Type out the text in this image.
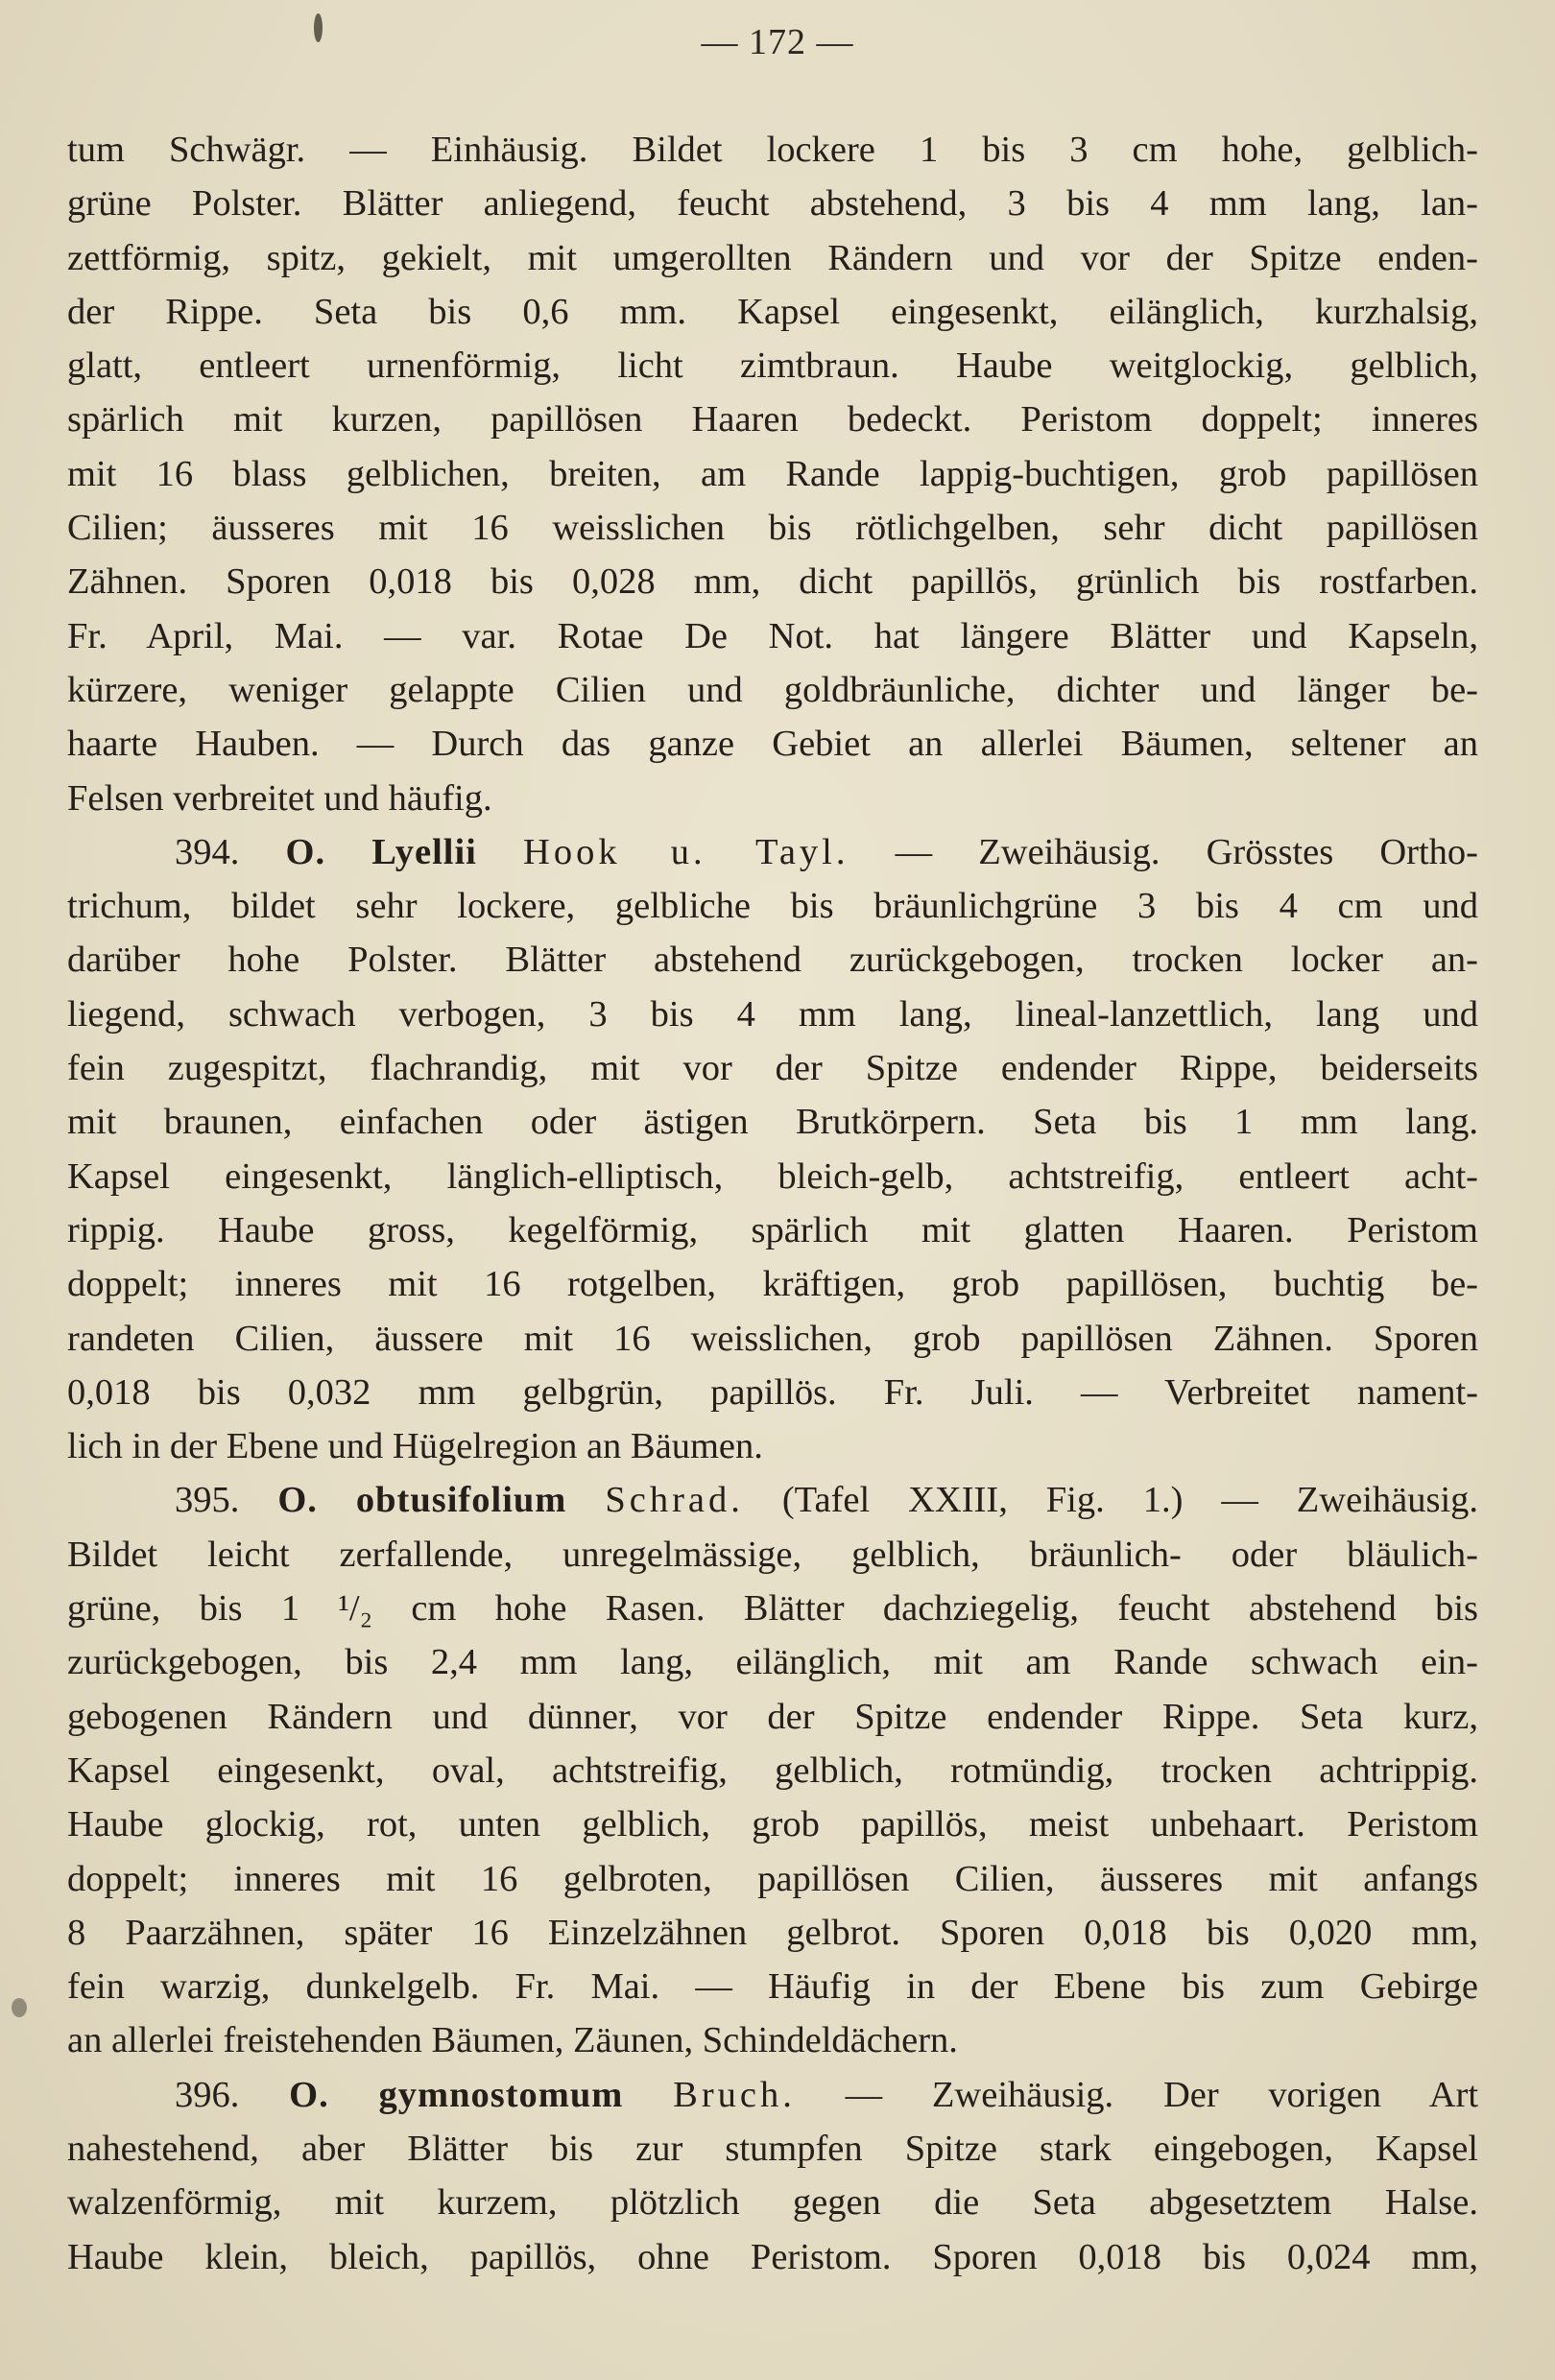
— 172 —
tum Schwägr. — Einhäusig. Bildet lockere 1 bis 3 cm hohe, gelblich-
grüne Polster. Blätter anliegend, feucht abstehend, 3 bis 4 mm lang, lan-
zettförmig, spitz, gekielt, mit umgerollten Rändern und vor der Spitze enden-
der Rippe. Seta bis 0,6 mm. Kapsel eingesenkt, eilänglich, kurzhalsig,
glatt, entleert urnenförmig, licht zimtbraun. Haube weitglockig, gelblich,
spärlich mit kurzen, papillösen Haaren bedeckt. Peristom doppelt; inneres
mit 16 blass gelblichen, breiten, am Rande lappig-buchtigen, grob papillösen
Cilien; äusseres mit 16 weisslichen bis rötlichgelben, sehr dicht papillösen
Zähnen. Sporen 0,018 bis 0,028 mm, dicht papillös, grünlich bis rostfarben.
Fr. April, Mai. — var. Rotae De Not. hat längere Blätter und Kapseln,
kürzere, weniger gelappte Cilien und goldbräunliche, dichter und länger be-
haarte Hauben. — Durch das ganze Gebiet an allerlei Bäumen, seltener an
Felsen verbreitet und häufig.
394. O. Lyellii Hook u. Tayl. — Zweihäusig. Grösstes Ortho-
trichum, bildet sehr lockere, gelbliche bis bräunlichgrüne 3 bis 4 cm und
darüber hohe Polster. Blätter abstehend zurückgebogen, trocken locker an-
liegend, schwach verbogen, 3 bis 4 mm lang, lineal-lanzettlich, lang und
fein zugespitzt, flachrandig, mit vor der Spitze endender Rippe, beiderseits
mit braunen, einfachen oder ästigen Brutkörpern. Seta bis 1 mm lang.
Kapsel eingesenkt, länglich-elliptisch, bleich-gelb, achtstreifig, entleert acht-
rippig. Haube gross, kegelförmig, spärlich mit glatten Haaren. Peristom
doppelt; inneres mit 16 rotgelben, kräftigen, grob papillösen, buchtig be-
randeten Cilien, äussere mit 16 weisslichen, grob papillösen Zähnen. Sporen
0,018 bis 0,032 mm gelbgrün, papillös. Fr. Juli. — Verbreitet nament-
lich in der Ebene und Hügelregion an Bäumen.
395. O. obtusifolium Schrad. (Tafel XXIII, Fig. 1.) — Zweihäusig.
Bildet leicht zerfallende, unregelmässige, gelblich, bräunlich- oder bläulich-
grüne, bis 1 ¹/₂ cm hohe Rasen. Blätter dachziegelig, feucht abstehend bis
zurückgebogen, bis 2,4 mm lang, eilänglich, mit am Rande schwach ein-
gebogenen Rändern und dünner, vor der Spitze endender Rippe. Seta kurz,
Kapsel eingesenkt, oval, achtstreifig, gelblich, rotmündig, trocken achtrippig.
Haube glockig, rot, unten gelblich, grob papillös, meist unbehaart. Peristom
doppelt; inneres mit 16 gelbroten, papillösen Cilien, äusseres mit anfangs
8 Paarzähnen, später 16 Einzelzähnen gelbrot. Sporen 0,018 bis 0,020 mm,
fein warzig, dunkelgelb. Fr. Mai. — Häufig in der Ebene bis zum Gebirge
an allerlei freistehenden Bäumen, Zäunen, Schindeldächern.
396. O. gymnostomum Bruch. — Zweihäusig. Der vorigen Art
nahestehend, aber Blätter bis zur stumpfen Spitze stark eingebogen, Kapsel
walzenförmig, mit kurzem, plötzlich gegen die Seta abgesetztem Halse.
Haube klein, bleich, papillös, ohne Peristom. Sporen 0,018 bis 0,024 mm,
